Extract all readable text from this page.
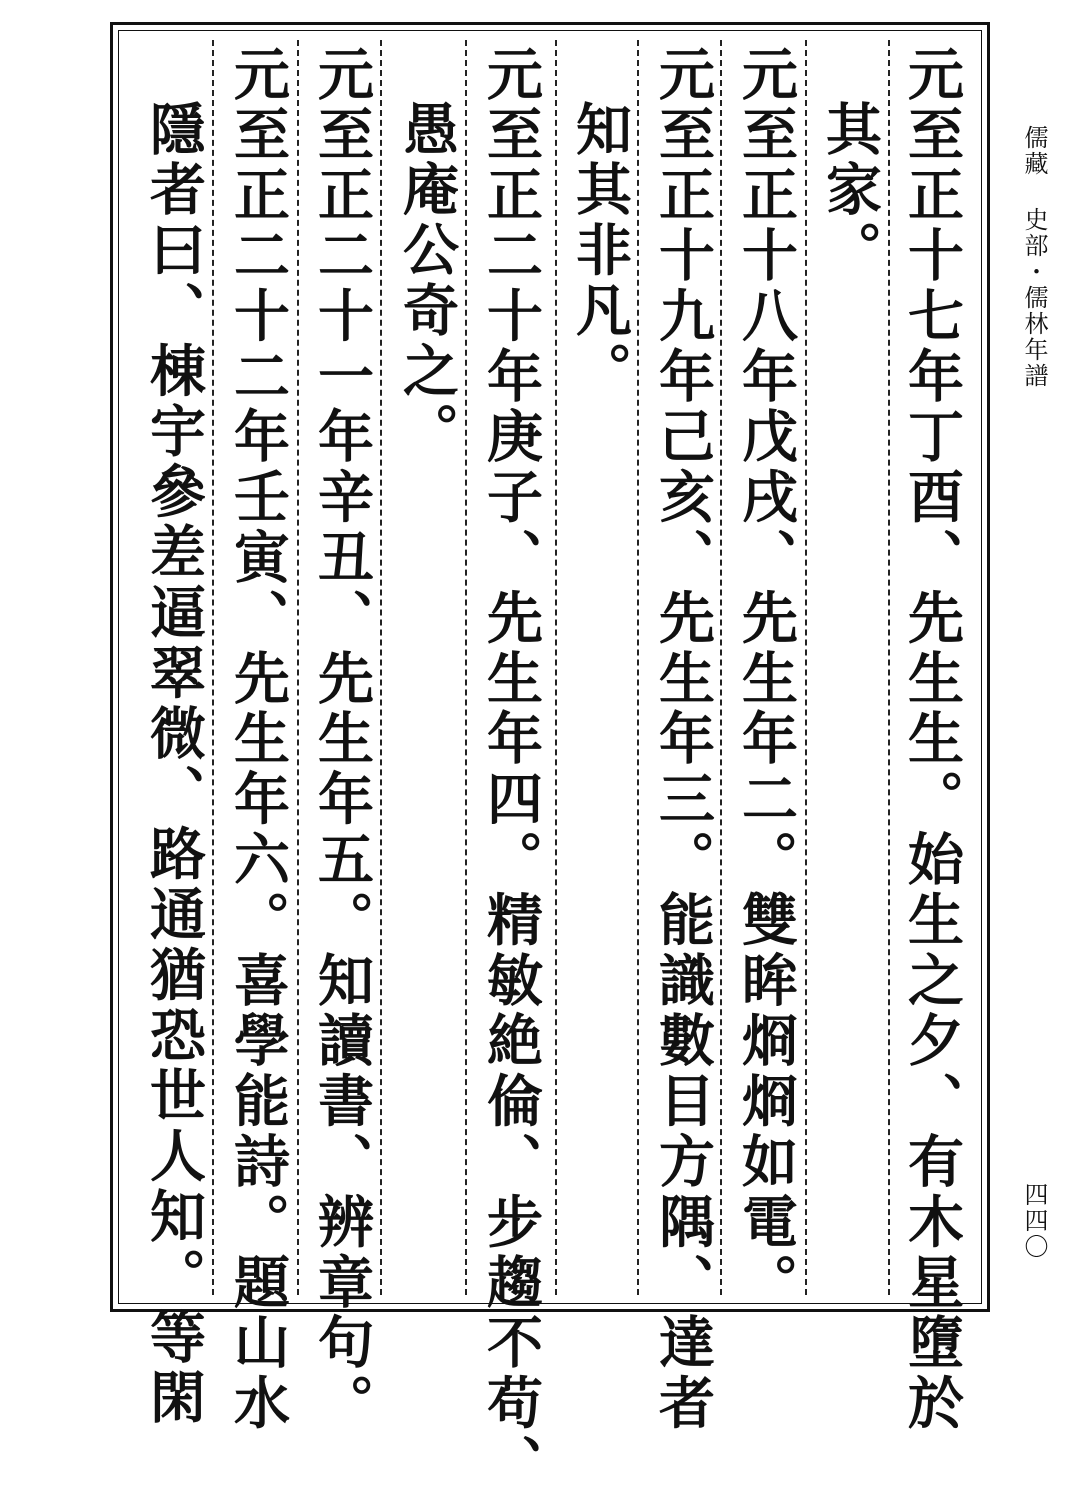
元至正十七年丁酉、先生生。始生之夕、有木星墮於
其家。
元至正十八年戊戌、先生年二。雙眸烱烱如電。
元至正十九年己亥、先生年三。能識數目方隅、達者
知其非凡。
元至正二十年庚子、先生年四。精敏絶倫、步趨不苟、
愚庵公奇之。
元至正二十一年辛丑、先生年五。知讀書、辨章句。
元至正二十二年壬寅、先生年六。喜學能詩。題山水
隱者曰、棟宇參差逼翠微、路通猶恐世人知。等閑	儒藏史部・儒林年譜
四四〇
